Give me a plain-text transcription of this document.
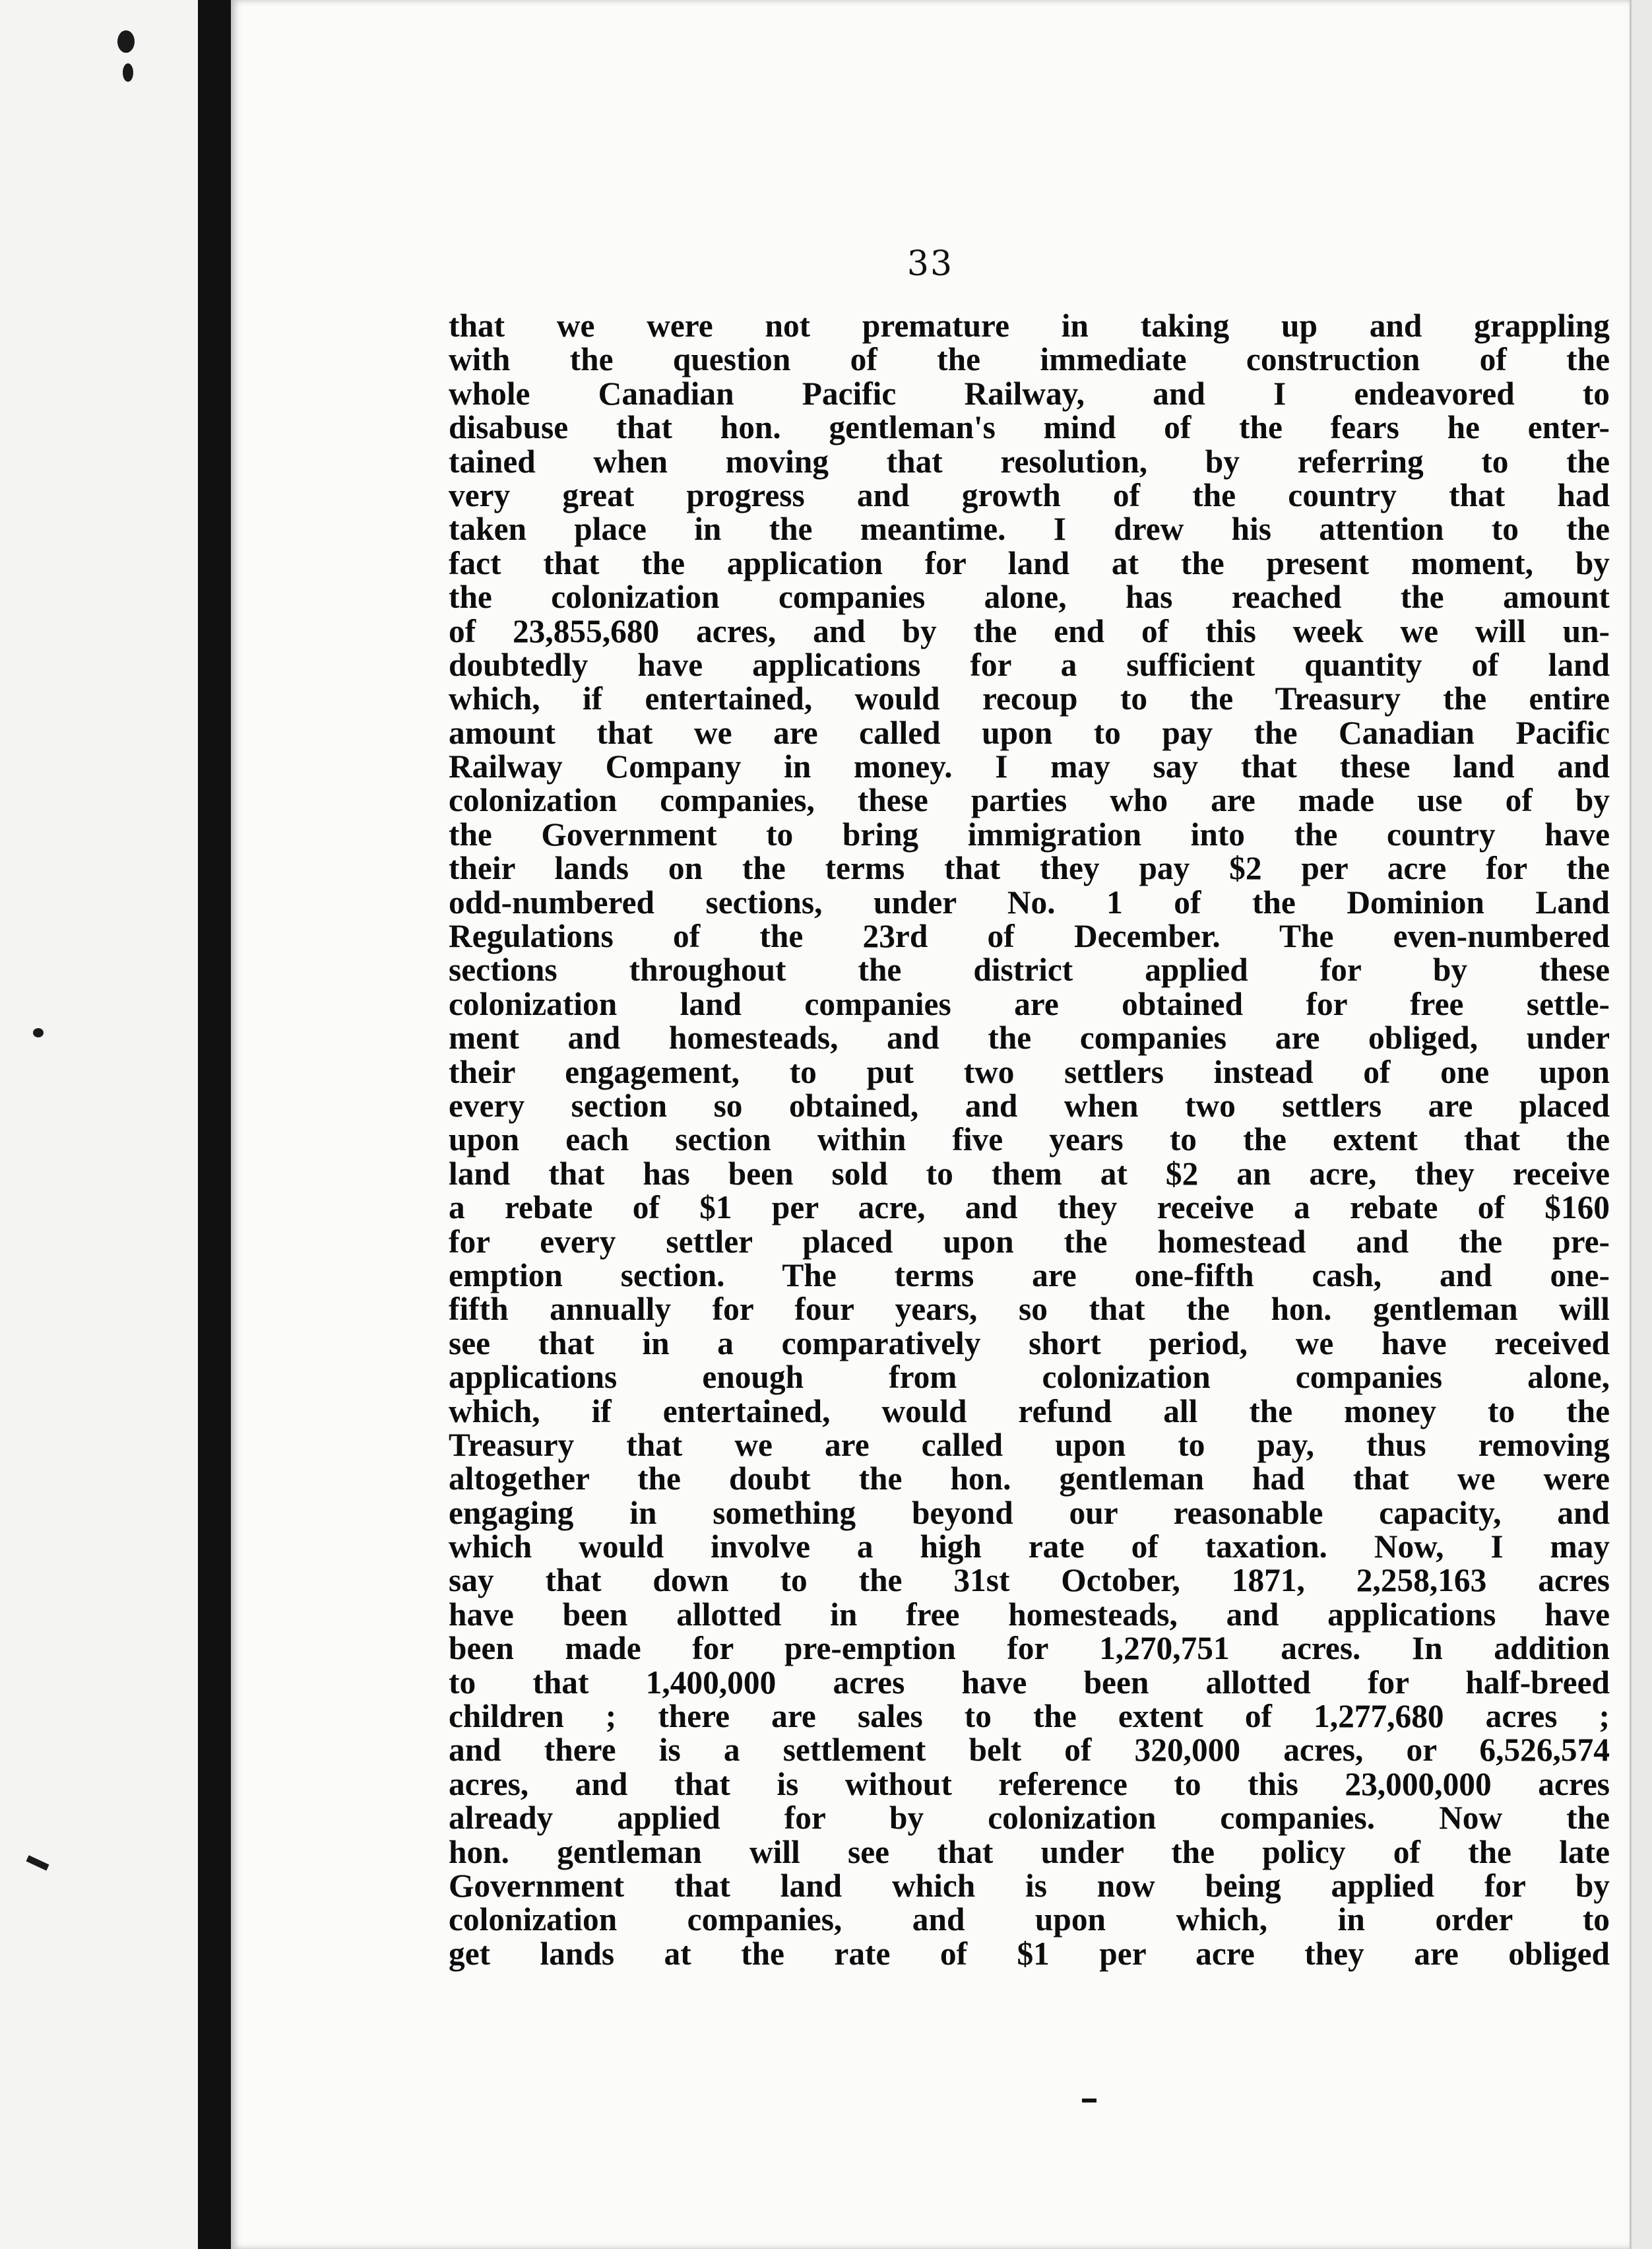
33
that we were not premature in taking up and grappling
with the question of the immediate construction of the
whole Canadian Pacific Railway, and I endeavored to
disabuse that hon. gentleman's mind of the fears he enter-
tained when moving that resolution, by referring to the
very great progress and growth of the country that had
taken place in the meantime. I drew his attention to the
fact that the application for land at the present moment, by
the colonization companies alone, has reached the amount
of 23,855,680 acres, and by the end of this week we will un-
doubtedly have applications for a sufficient quantity of land
which, if entertained, would recoup to the Treasury the entire
amount that we are called upon to pay the Canadian Pacific
Railway Company in money. I may say that these land and
colonization companies, these parties who are made use of by
the Government to bring immigration into the country have
their lands on the terms that they pay $2 per acre for the
odd-numbered sections, under No. 1 of the Dominion Land
Regulations of the 23rd of December. The even-numbered
sections throughout the district applied for by these
colonization land companies are obtained for free settle-
ment and homesteads, and the companies are obliged, under
their engagement, to put two settlers instead of one upon
every section so obtained, and when two settlers are placed
upon each section within five years to the extent that the
land that has been sold to them at $2 an acre, they receive
a rebate of $1 per acre, and they receive a rebate of $160
for every settler placed upon the homestead and the pre-
emption section. The terms are one-fifth cash, and one-
fifth annually for four years, so that the hon. gentleman will
see that in a comparatively short period, we have received
applications enough from colonization companies alone,
which, if entertained, would refund all the money to the
Treasury that we are called upon to pay, thus removing
altogether the doubt the hon. gentleman had that we were
engaging in something beyond our reasonable capacity, and
which would involve a high rate of taxation. Now, I may
say that down to the 31st October, 1871, 2,258,163 acres
have been allotted in free homesteads, and applications have
been made for pre-emption for 1,270,751 acres. In addition
to that 1,400,000 acres have been allotted for half-breed
children ; there are sales to the extent of 1,277,680 acres ;
and there is a settlement belt of 320,000 acres, or 6,526,574
acres, and that is without reference to this 23,000,000 acres
already applied for by colonization companies. Now the
hon. gentleman will see that under the policy of the late
Government that land which is now being applied for by
colonization companies, and upon which, in order to
get lands at the rate of $1 per acre they are obliged
